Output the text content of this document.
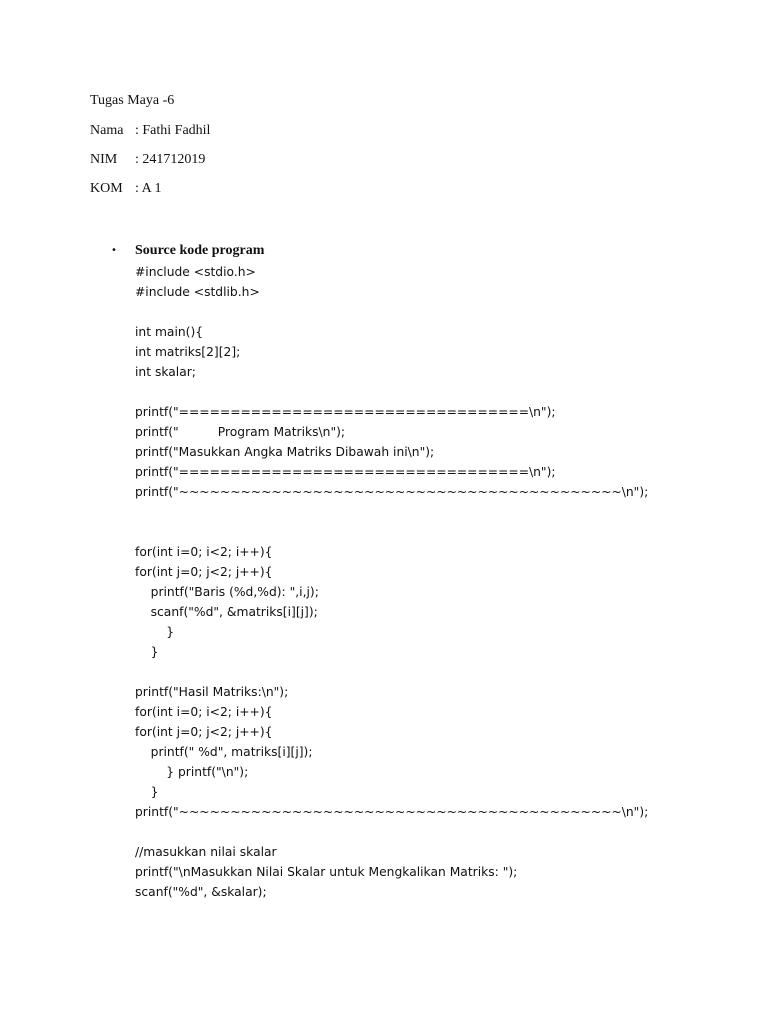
Tugas Maya -6

Nama

: Fathi Fadhil

NIM

: 241712019

KOM

: A 1

• Source kode program
#include <stdio.h>
#include <stdlib.h>
int main(){
int matriks[2][2];
int skalar;
printf("==================================\n");
printf("          Program Matriks\n");
printf("Masukkan Angka Matriks Dibawah ini\n");
printf("==================================\n");
printf("~~~~~~~~~~~~~~~~~~~~~~~~~~~~~~~~~~~~~~~~~~~\n");
for(int i=0; i<2; i++){
for(int j=0; j<2; j++){
printf("Baris (%d,%d): ",i,j);
scanf("%d", &matriks[i][j]);
}
}
printf("Hasil Matriks:\n");
for(int i=0; i<2; i++){
for(int j=0; j<2; j++){
printf(" %d", matriks[i][j]);
} printf("\n");
}
printf("~~~~~~~~~~~~~~~~~~~~~~~~~~~~~~~~~~~~~~~~~~~\n");
//masukkan nilai skalar
printf("\nMasukkan Nilai Skalar untuk Mengkalikan Matriks: ");
scanf("%d", &skalar);
